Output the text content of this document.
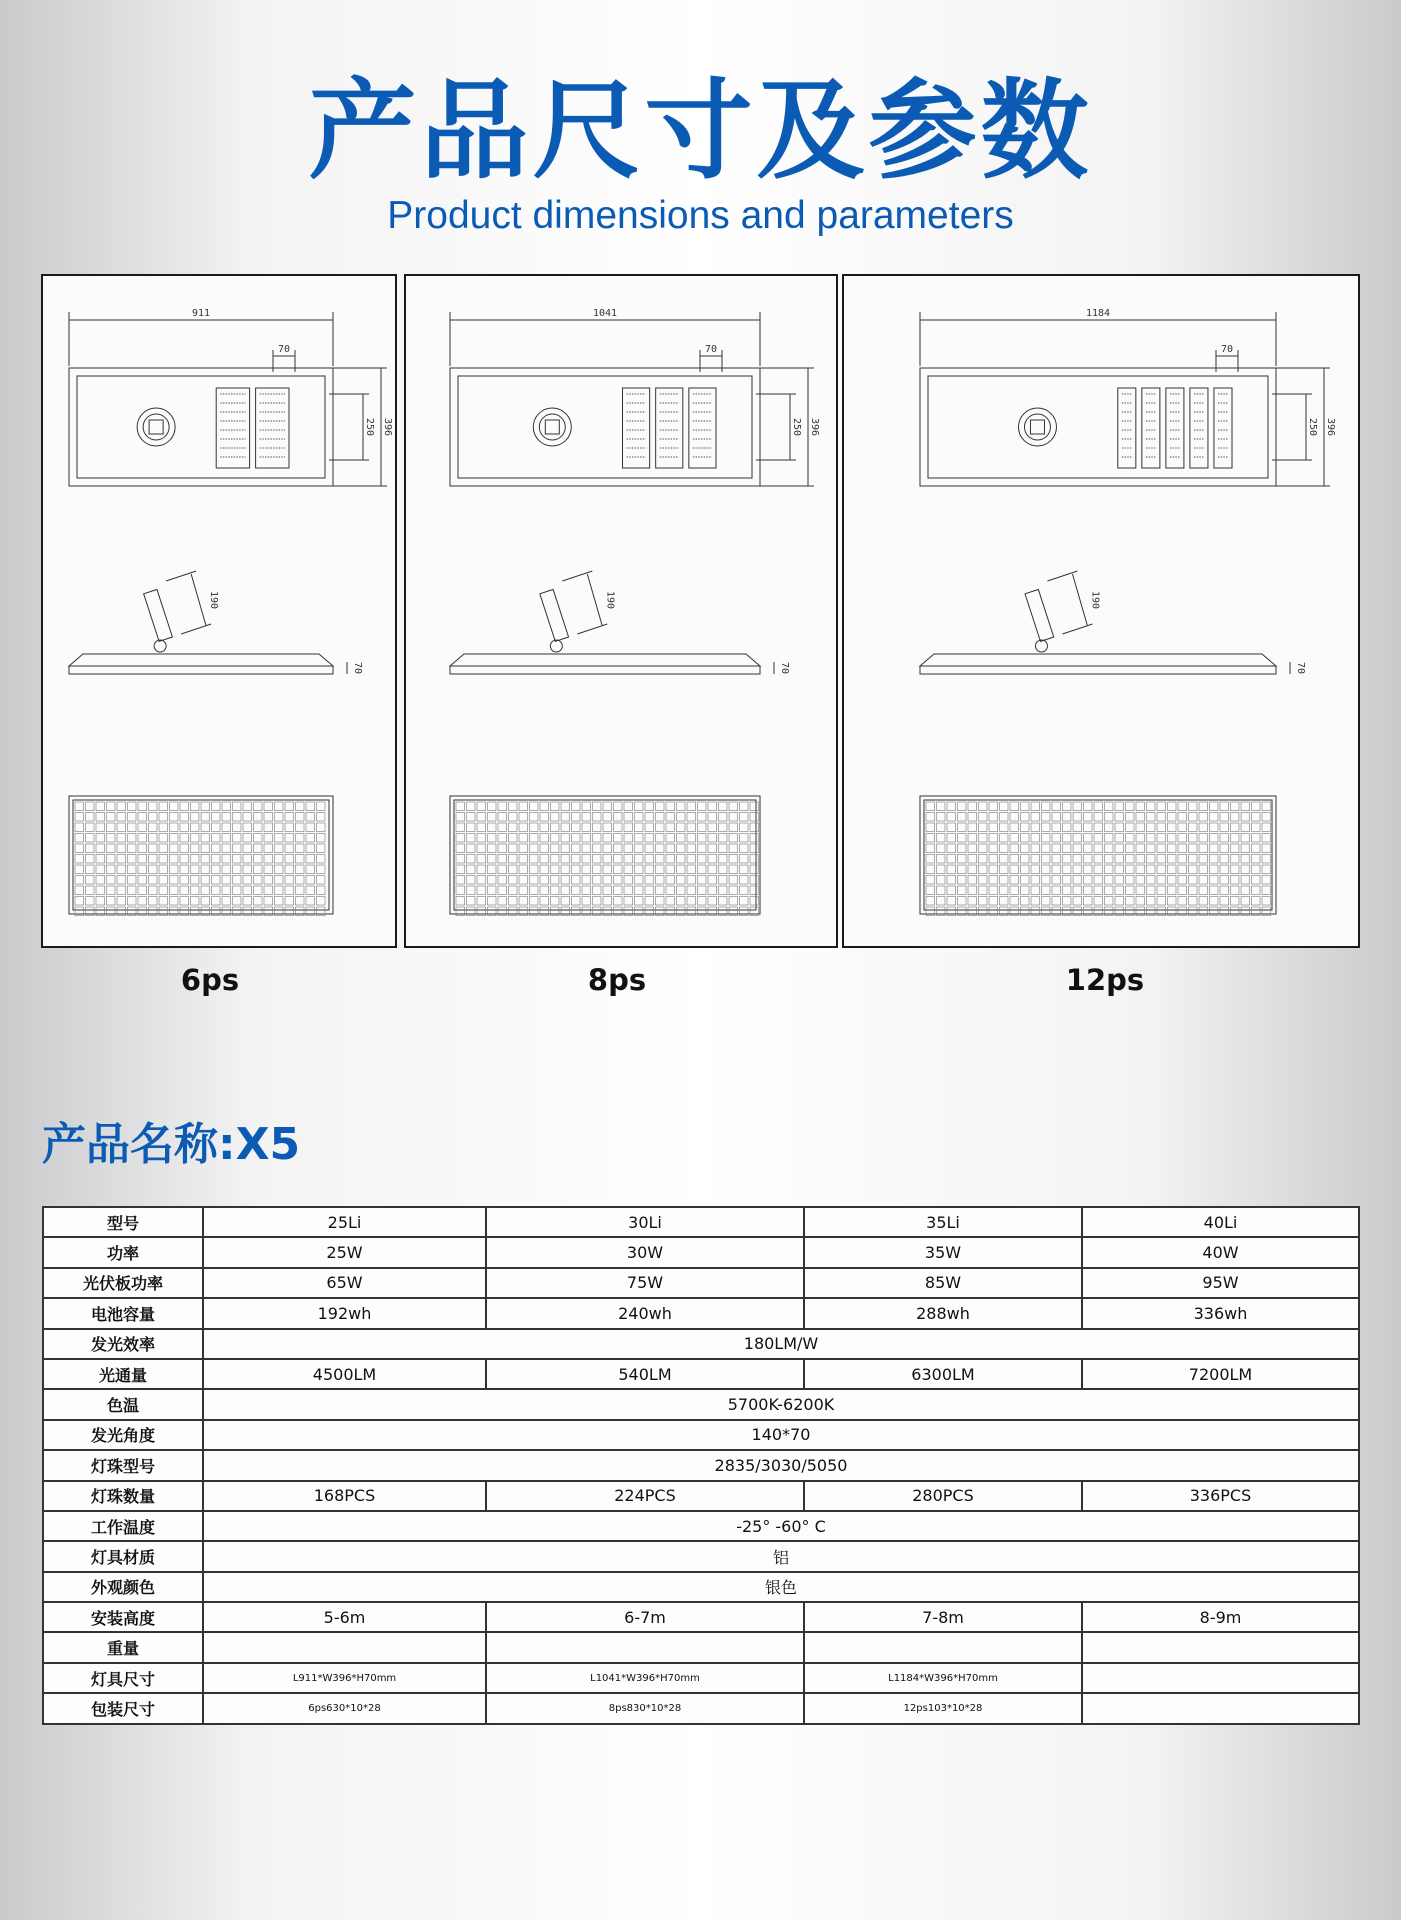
产品尺寸及参数
Product dimensions and parameters
911
70
250 396
190
70
1041
70
250 396
190
70
1184
70
250 396
190
70
6ps	8ps	12ps
产品名称:X5
型号	25Li	30Li	35Li	40Li
功率	25W	30W	35W	40W
光伏板功率	65W	75W	85W	95W
电池容量	192wh	240wh	288wh	336wh
发光效率	180LM/W			
光通量	4500LM	540LM	6300LM	7200LM
色温	5700K-6200K			
发光角度	140*70			
灯珠型号	2835/3030/5050			
灯珠数量	168PCS	224PCS	280PCS	336PCS
工作温度	-25° -60° C			
灯具材质	铝			
外观颜色	银色			
安装高度	5-6m	6-7m	7-8m	8-9m
重量				
灯具尺寸	L911*W396*H70mm	L1041*W396*H70mm	L1184*W396*H70mm	
包装尺寸	6ps630*10*28	8ps830*10*28	12ps103*10*28	
